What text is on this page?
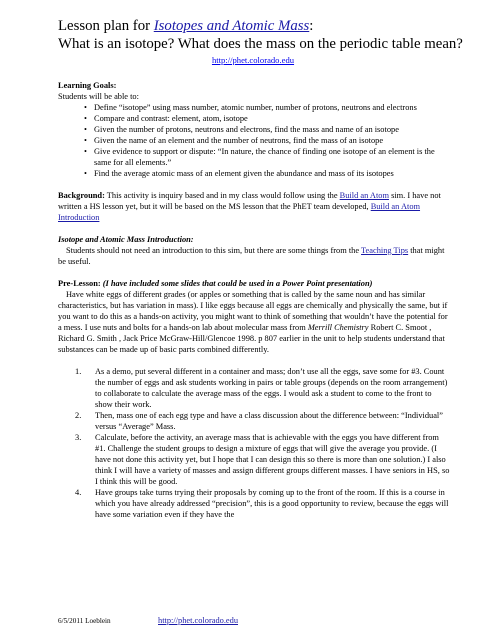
Lesson plan for Isotopes and Atomic Mass:
What is an isotope? What does the mass on the periodic table mean?
http://phet.colorado.edu

Learning Goals:

Students will be able to:

• Define “isotope” using mass number, atomic number, number of protons, neutrons and electrons
• Compare and contrast: element, atom, isotope
• Given the number of protons, neutrons and electrons, find the mass and name of an isotope
• Given the name of an element and the number of neutrons, find the mass of an isotope
• Give evidence to support or dispute: “In nature, the chance of finding one isotope of an element is the same for all elements.”
• Find the average atomic mass of an element given the abundance and mass of its isotopes

Background: This activity is inquiry based and in my class would follow using the Build an Atom sim. I have not written a HS lesson yet, but it will be based on the MS lesson that the PhET team developed, Build an Atom Introduction

Isotope and Atomic Mass Introduction:

Students should not need an introduction to this sim, but there are some things from the Teaching Tips that might be useful.

Pre-Lesson: (I have included some slides that could be used in a Power Point presentation)

Have white eggs of different grades (or apples or something that is called by the same noun and has similar characteristics, but has variation in mass). I like eggs because all eggs are chemically and physically the same, but if you want to do this as a hands-on activity, you might want to think of something that wouldn’t have the potential for a mess. I use nuts and bolts for a hands-on lab about molecular mass from Merrill Chemistry Robert C. Smoot , Richard G. Smith , Jack Price McGraw-Hill/Glencoe 1998. p 807 earlier in the unit to help students understand that substances can be made up of basic parts combined differently.

1. As a demo, put several different in a container and mass; don’t use all the eggs, save some for #3. Count the number of eggs and ask students working in pairs or table groups (depends on the room arrangement) to collaborate to calculate the average mass of the eggs. I would ask a student to come to the front to show their work.
2. Then, mass one of each egg type and have a class discussion about the difference between: “Individual” versus “Average” Mass.
3. Calculate, before the activity, an average mass that is achievable with the eggs you have different from #1. Challenge the student groups to design a mixture of eggs that will give the average you provide. (I have not done this activity yet, but I hope that I can design this so there is more than one solution.) I also think I will have a variety of masses and assign different groups different masses. I have seniors in HS, so I think this will be good.
4. Have groups take turns trying their proposals by coming up to the front of the room. If this is a course in which you have already addressed “precision”, this is a good opportunity to review, because the eggs will have some variation even if they have the
6/5/2011 Loeblein	http://phet.colorado.edu
